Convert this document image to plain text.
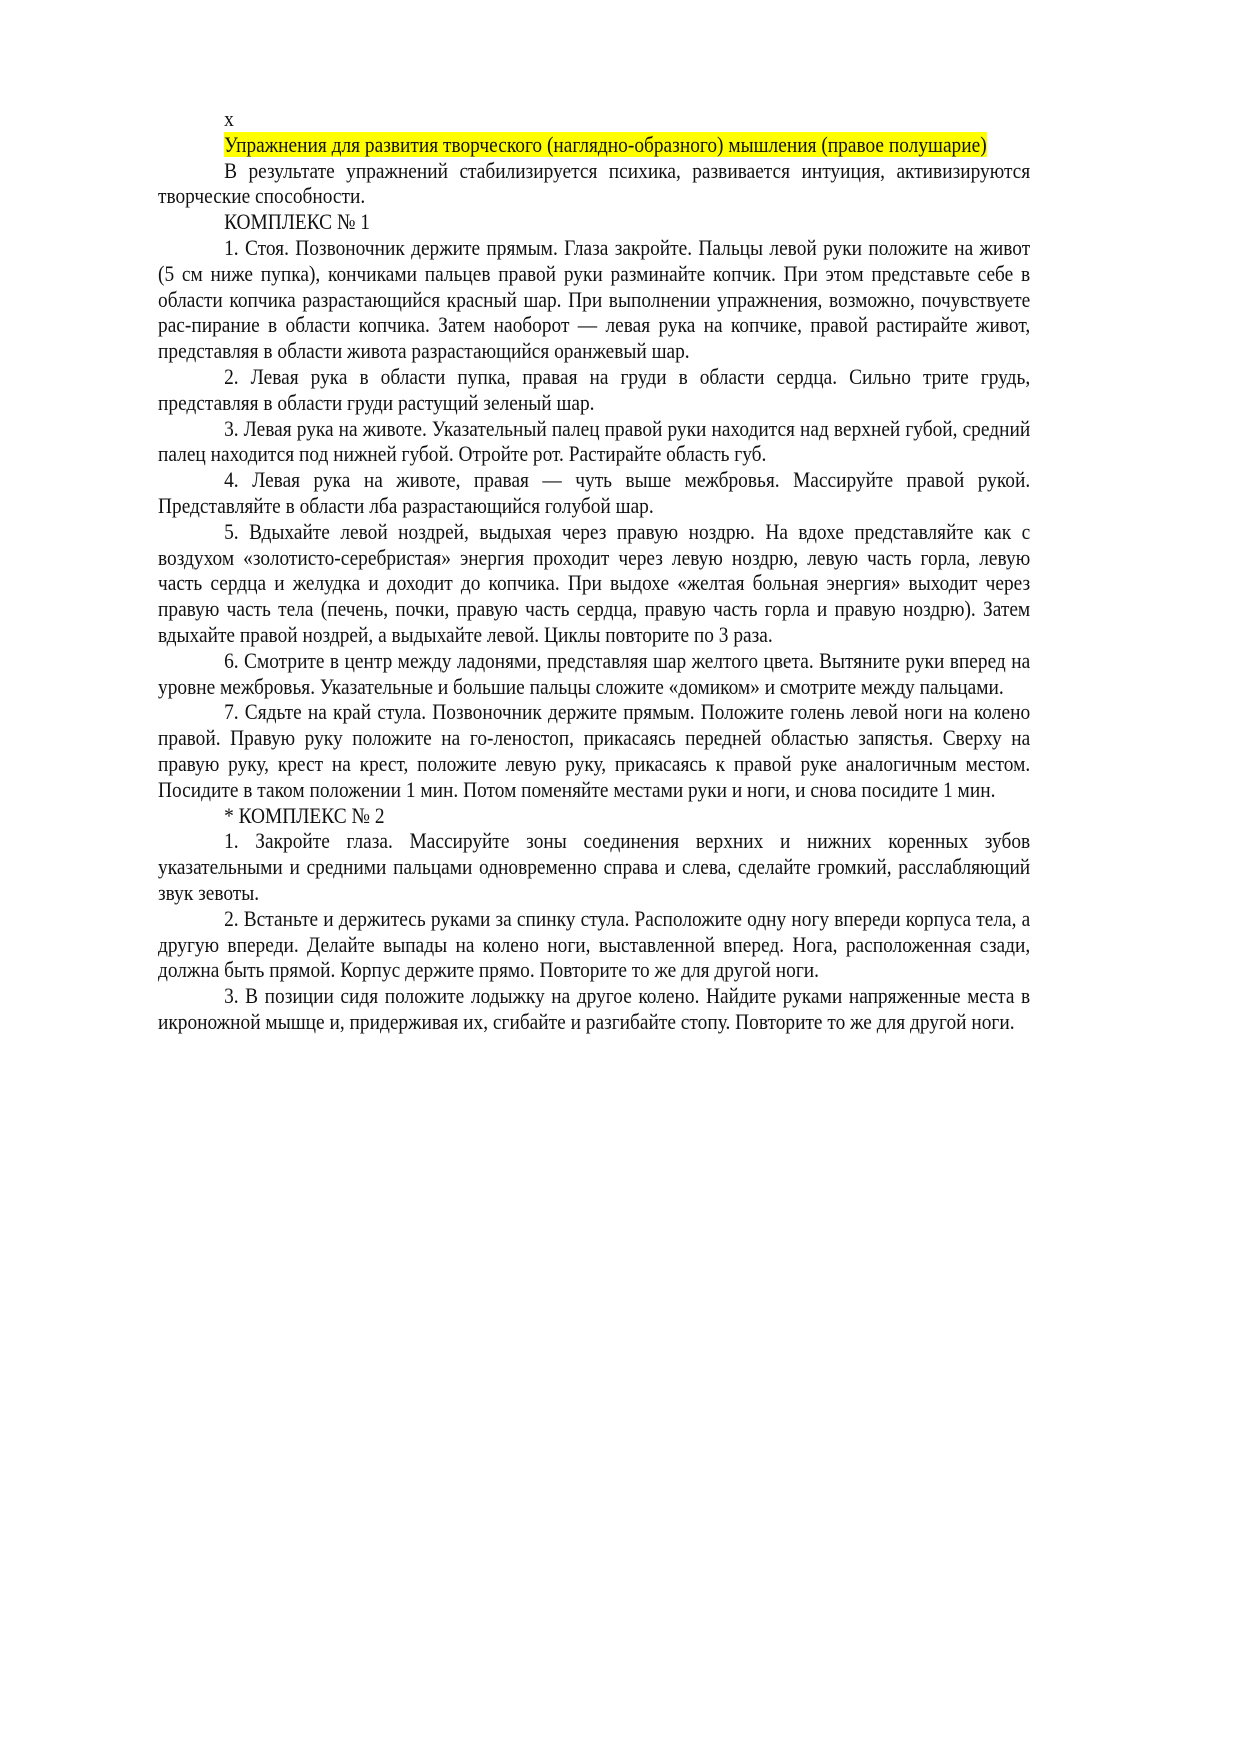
x

Упражнения для развития творческого (наглядно-образного) мышления (правое полушарие)

В результате упражнений стабилизируется психика, развивается интуиция, активизируются творческие способности.

КОМПЛЕКС № 1

1. Стоя. Позвоночник держите прямым. Глаза закройте. Пальцы левой руки положите на живот (5 см ниже пупка), кончиками пальцев правой руки разминайте копчик. При этом представьте себе в области копчика разрастающийся красный шар. При выполнении упражнения, возможно, почувствуете рас-пирание в области копчика. Затем наоборот — левая рука на копчике, правой растирайте живот, представляя в области живота разрастающийся оранжевый шар.

2. Левая рука в области пупка, правая на груди в области сердца. Сильно трите грудь, представляя в области груди растущий зеленый шар.

3. Левая рука на животе. Указательный палец правой руки находится над верхней губой, средний палец находится под нижней губой. Отройте рот. Растирайте область губ.

4. Левая рука на животе, правая — чуть выше межбровья. Массируйте правой рукой. Представляйте в области лба разрастающийся голубой шар.

5. Вдыхайте левой ноздрей, выдыхая через правую ноздрю. На вдохе представляйте как с воздухом «золотисто-серебристая» энергия проходит через левую ноздрю, левую часть горла, левую часть сердца и желудка и доходит до копчика. При выдохе «желтая больная энергия» выходит через правую часть тела (печень, почки, правую часть сердца, правую часть горла и правую ноздрю). Затем вдыхайте правой ноздрей, а выдыхайте левой. Циклы повторите по 3 раза.

6. Смотрите в центр между ладонями, представляя шар желтого цвета. Вытяните руки вперед на уровне межбровья. Указательные и большие пальцы сложите «домиком» и смотрите между пальцами.

7. Сядьте на край стула. Позвоночник держите прямым. Положите голень левой ноги на колено правой. Правую руку положите на го-леностоп, прикасаясь передней областью запястья. Сверху на правую руку, крест на крест, положите левую руку, прикасаясь к правой руке аналогичным местом. Посидите в таком положении 1 мин. Потом поменяйте местами руки и ноги, и снова посидите 1 мин.

* КОМПЛЕКС № 2

1. Закройте глаза. Массируйте зоны соединения верхних и нижних коренных зубов указательными и средними пальцами одновременно справа и слева, сделайте громкий, расслабляющий звук зевоты.

2. Встаньте и держитесь руками за спинку стула. Расположите одну ногу впереди корпуса тела, а другую впереди. Делайте выпады на колено ноги, выставленной вперед. Нога, расположенная сзади, должна быть прямой. Корпус держите прямо. Повторите то же для другой ноги.

3. В позиции сидя положите лодыжку на другое колено. Найдите руками напряженные места в икроножной мышце и, придерживая их, сгибайте и разгибайте стопу. Повторите то же для другой ноги.
